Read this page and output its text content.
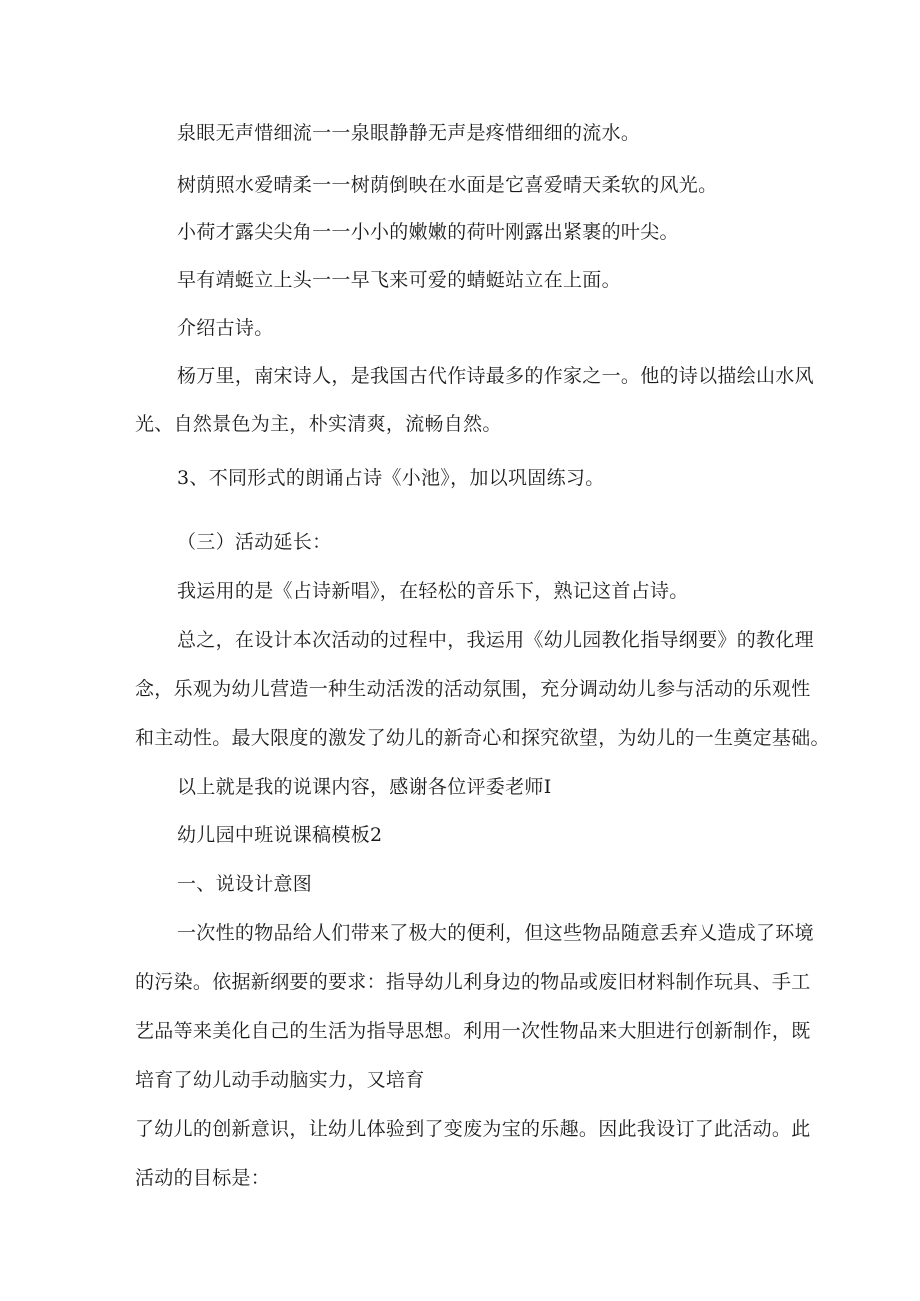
泉眼无声惜细流一一泉眼静静无声是疼惜细细的流水。
树荫照水爱晴柔一一树荫倒映在水面是它喜爱晴天柔软的风光。
小荷才露尖尖角一一小小的嫩嫩的荷叶刚露出紧裹的叶尖。
早有靖蜓立上头一一早飞来可爱的蜻蜓站立在上面。
介绍古诗。
杨万里，南宋诗人，是我国古代作诗最多的作家之一。他的诗以描绘山水风
光、自然景色为主，朴实清爽，流畅自然。
3、不同形式的朗诵占诗《小池》，加以巩固练习。
（三）活动延长：
我运用的是《占诗新唱》，在轻松的音乐下，熟记这首占诗。
总之，在设计本次活动的过程中，我运用《幼儿园教化指导纲要》的教化理
念，乐观为幼儿营造一种生动活泼的活动氛围，充分调动幼儿参与活动的乐观性
和主动性。最大限度的激发了幼儿的新奇心和探究欲望，为幼儿的一生奠定基础。
以上就是我的说课内容，感谢各位评委老师I
幼儿园中班说课稿模板2
一、说设计意图
一次性的物品给人们带来了极大的便利，但这些物品随意丢弃乂造成了环境
的污染。依据新纲要的要求：指导幼儿利身边的物品或废旧材料制作玩具、手工
艺品等来美化自己的生活为指导思想。利用一次性物品来大胆进行创新制作，既
培育了幼儿动手动脑实力，又培育
了幼儿的创新意识，让幼儿体验到了变废为宝的乐趣。因此我设订了此活动。此
活动的目标是：
